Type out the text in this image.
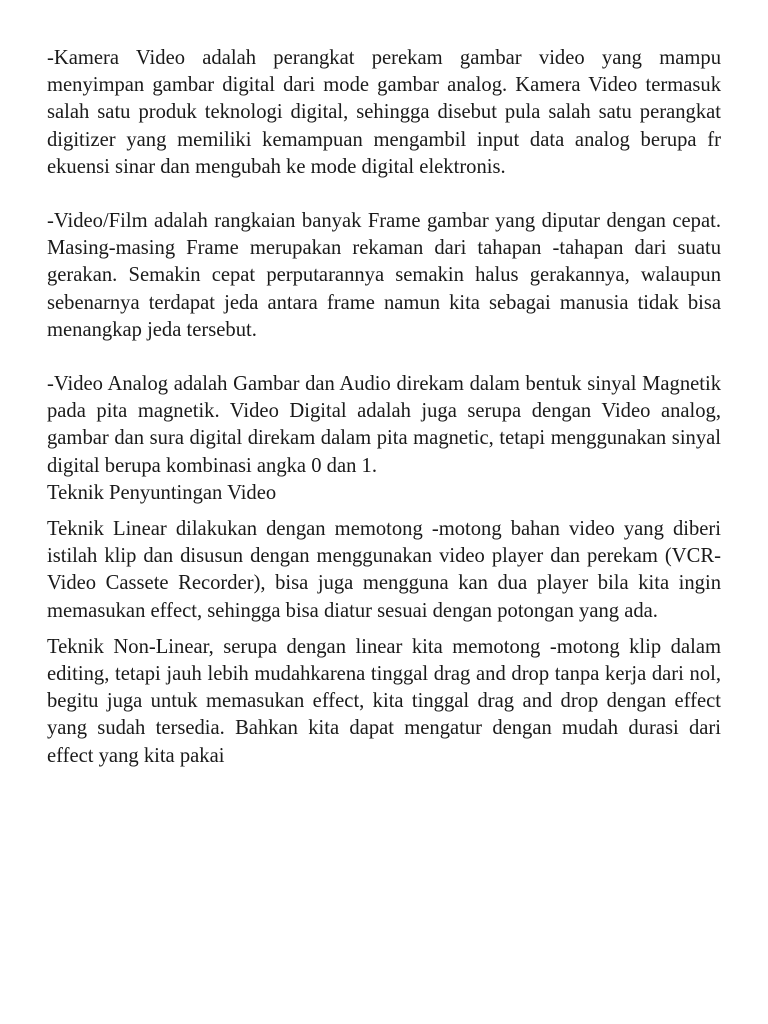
-Kamera Video adalah perangkat perekam gambar video yang mampu menyimpan gambar digital dari mode gambar analog. Kamera Video termasuk salah satu produk teknologi digital, sehingga disebut pula salah satu perangkat digitizer yang memiliki kemampuan mengambil input data analog berupa fr ekuensi sinar dan mengubah ke mode digital elektronis.

-Video/Film adalah rangkaian banyak Frame gambar yang diputar dengan cepat. Masing-masing Frame merupakan rekaman dari tahapan -tahapan dari suatu gerakan. Semakin cepat perputarannya semakin halus gerakannya, walaupun sebenarnya terdapat jeda antara frame namun kita sebagai manusia tidak bisa menangkap jeda tersebut.

-Video Analog adalah Gambar dan Audio direkam dalam bentuk sinyal Magnetik pada pita magnetik. Video Digital adalah juga serupa dengan Video analog, gambar dan sura digital direkam dalam pita magnetic, tetapi menggunakan sinyal digital berupa kombinasi angka 0 dan 1.

Teknik Penyuntingan Video

Teknik Linear dilakukan dengan memotong -motong bahan video yang diberi istilah klip dan disusun dengan menggunakan video player dan perekam (VCR-Video Cassete Recorder), bisa juga mengguna kan dua player bila kita ingin memasukan effect, sehingga bisa diatur sesuai dengan potongan yang ada.

Teknik Non-Linear, serupa dengan linear kita memotong -motong klip dalam editing, tetapi jauh lebih mudahkarena tinggal drag and drop tanpa kerja dari nol, begitu juga untuk memasukan effect, kita tinggal drag and drop dengan effect yang sudah tersedia. Bahkan kita dapat mengatur dengan mudah durasi dari effect yang kita pakai
